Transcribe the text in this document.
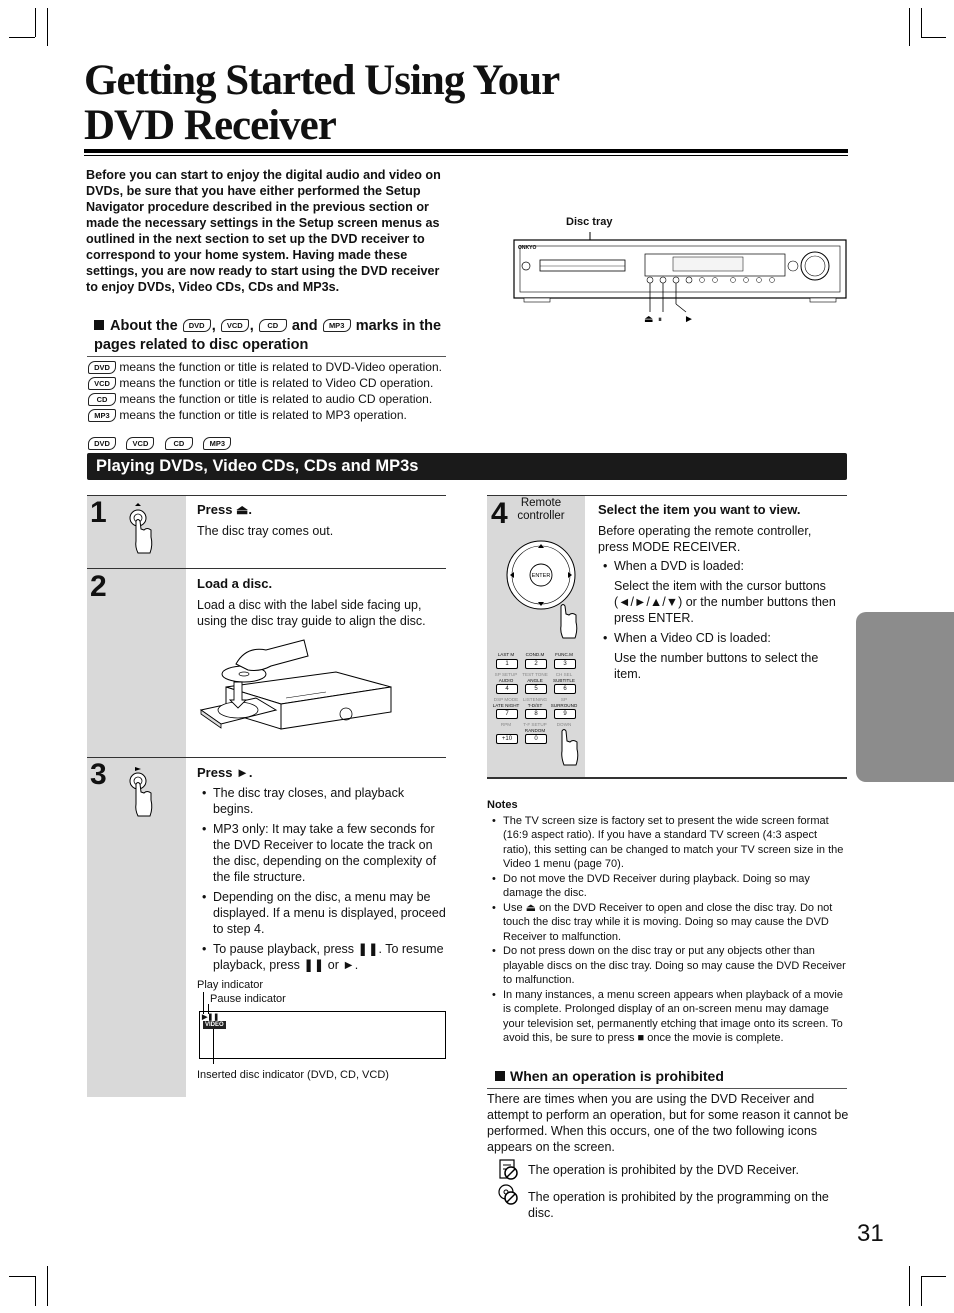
Getting Started Using Your
DVD Receiver
Before you can start to enjoy the digital audio and video on DVDs, be sure that you have either performed the Setup Navigator procedure described in the previous section or made the necessary settings in the Setup screen menus as outlined in the next section to set up the DVD receiver to correspond to your home system. Having made these settings, you are now ready to start using the DVD receiver to enjoy DVDs, Video CDs, CDs and MP3s.
About the DVD , VCD , CD and MP3 marks in the pages related to disc operation
DVD means the function or title is related to DVD-Video operation.
VCD means the function or title is related to Video CD operation.
CD means the function or title is related to audio CD operation.
MP3 means the function or title is related to MP3 operation.
DVD	VCD	CD	MP3
Disc tray
ONKYO
⏏ ⏸ ►
Playing DVDs, Video CDs, CDs and MP3s
1	Press ⏏.
The disc tray comes out.
2	Load a disc.
Load a disc with the label side facing up, using the disc tray guide to align the disc.
3	Press ►.
• The disc tray closes, and playback begins.
• MP3 only: It may take a few seconds for the DVD Receiver to locate the track on the disc, depending on the complexity of the file structure.
• Depending on the disc, a menu may be displayed. If a menu is displayed, proceed to step 4.
• To pause playback, press ❚❚. To resume playback, press ❚❚ or ►.
Play indicator
Pause indicator
▶❚❚
VIDEO
Inserted disc indicator (DVD, CD, VCD)
4	Remote
controller
ENTER
LAST M	COND.M	FUNC.M
SP SETUP	TEST TONE	CH SEL
AUDIO	ANGLE	SUBTITLE
DSP MODE	LISTENING	SP
LATE NIGHT	T-D/ST	SURROUND
RPM	T-F SETUP	DOWN
RANDOM
1	2	3
4	5	6
7	8	9
+10	0
Select the item you want to view.
Before operating the remote controller, press MODE RECEIVER.
• When a DVD is loaded:
Select the item with the cursor buttons (◄/►/▲/▼) or the number buttons then press ENTER.
• When a Video CD is loaded:
Use the number buttons to select the item.
Notes
• The TV screen size is factory set to present the wide screen format (16:9 aspect ratio). If you have a standard TV screen (4:3 aspect ratio), this setting can be changed to match your TV screen size in the Video 1 menu (page 70).
• Do not move the DVD Receiver during playback. Doing so may damage the disc.
• Use ⏏ on the DVD Receiver to open and close the disc tray. Do not touch the disc tray while it is moving. Doing so may cause the DVD Receiver to malfunction.
• Do not press down on the disc tray or put any objects other than playable discs on the disc tray. Doing so may cause the DVD Receiver to malfunction.
• In many instances, a menu screen appears when playback of a movie is complete. Prolonged display of an on-screen menu may damage your television set, permanently etching that image onto its screen. To avoid this, be sure to press ■ once the movie is complete.
When an operation is prohibited
There are times when you are using the DVD Receiver and attempt to perform an operation, but for some reason it cannot be performed. When this occurs, one of the two following icons appears on the screen.
The operation is prohibited by the DVD Receiver.
The operation is prohibited by the programming on the disc.
31
